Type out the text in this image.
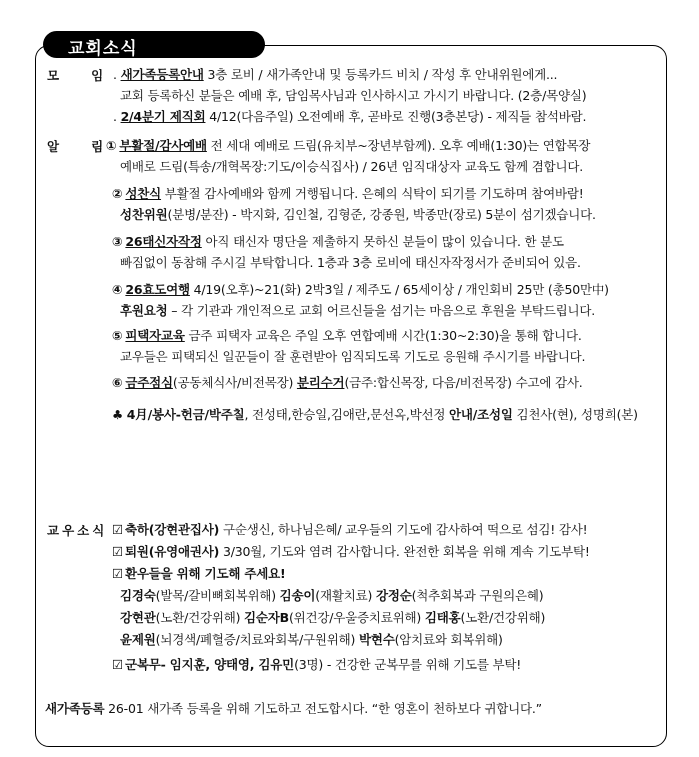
교회소식
모	임 . 새가족등록안내 3층 로비 / 새가족안내 및 등록카드 비치 / 작성 후 안내위원에게...
교회 등록하신 분들은 예배 후, 담임목사님과 인사하시고 가시기 바랍니다. (2층/목양실)
. 2/4분기 제직회 4/12(다음주일) 오전예배 후, 곧바로 진행(3층본당) - 제직들 참석바람.
알	림 ① 부활절/감사예배 전 세대 예배로 드림(유치부~장년부함께). 오후 예배(1:30)는 연합목장
예배로 드림(특송/개혁목장:기도/이승식집사) / 26년 임직대상자 교육도 함께 겸합니다.
② 성찬식 부활절 감사예배와 함께 거행됩니다. 은혜의 식탁이 되기를 기도하며 참여바람!
성찬위원(분병/분잔) - 박지화, 김인철, 김형준, 강종원, 박종만(장로) 5분이 섬기겠습니다.
③ 26태신자작정 아직 태신자 명단을 제출하지 못하신 분들이 많이 있습니다. 한 분도
빠짐없이 동참해 주시길 부탁합니다. 1층과 3층 로비에 태신자작정서가 준비되어 있음.
④ 26효도여행 4/19(오후)~21(화) 2박3일 / 제주도 / 65세이상 / 개인회비 25만 (총50만中)
후원요청 – 각 기관과 개인적으로 교회 어르신들을 섬기는 마음으로 후원을 부탁드립니다.
⑤ 피택자교육 금주 피택자 교육은 주일 오후 연합예배 시간(1:30~2:30)을 통해 합니다.
교우들은 피택되신 일꾼들이 잘 훈련받아 임직되도록 기도로 응원해 주시기를 바랍니다.
⑥ 금주점심(공동체식사/비전목장) 분리수거(금주:합신목장, 다음/비전목장) 수고에 감사.
♣ 4月/봉사-헌금/박주칠, 전성태,한승일,김애란,문선옥,박선정 안내/조성일 김천사(현), 성명희(본)
교우소식 ☑ 축하(강현관집사) 구순생신, 하나님은혜/ 교우들의 기도에 감사하여 떡으로 섬김! 감사!
☑ 퇴원(유영애권사) 3/30월, 기도와 염려 감사합니다. 완전한 회복을 위해 계속 기도부탁!
☑ 환우들을 위해 기도해 주세요!
김경숙(발목/갈비뼈회복위해) 김송이(재활치료) 강정순(척추회복과 구원의은혜)
강현관(노환/건강위해) 김순자B(위건강/우울증치료위해) 김태홍(노환/건강위해)
윤제원(뇌경색/폐혈증/치료와회복/구원위해) 박현수(암치료와 회복위해)
☑ 군복무- 임지훈, 양태영, 김유민(3명) - 건강한 군복무를 위해 기도를 부탁!
새가족등록 26-01 새가족 등록을 위해 기도하고 전도합시다. “한 영혼이 천하보다 귀합니다.”
